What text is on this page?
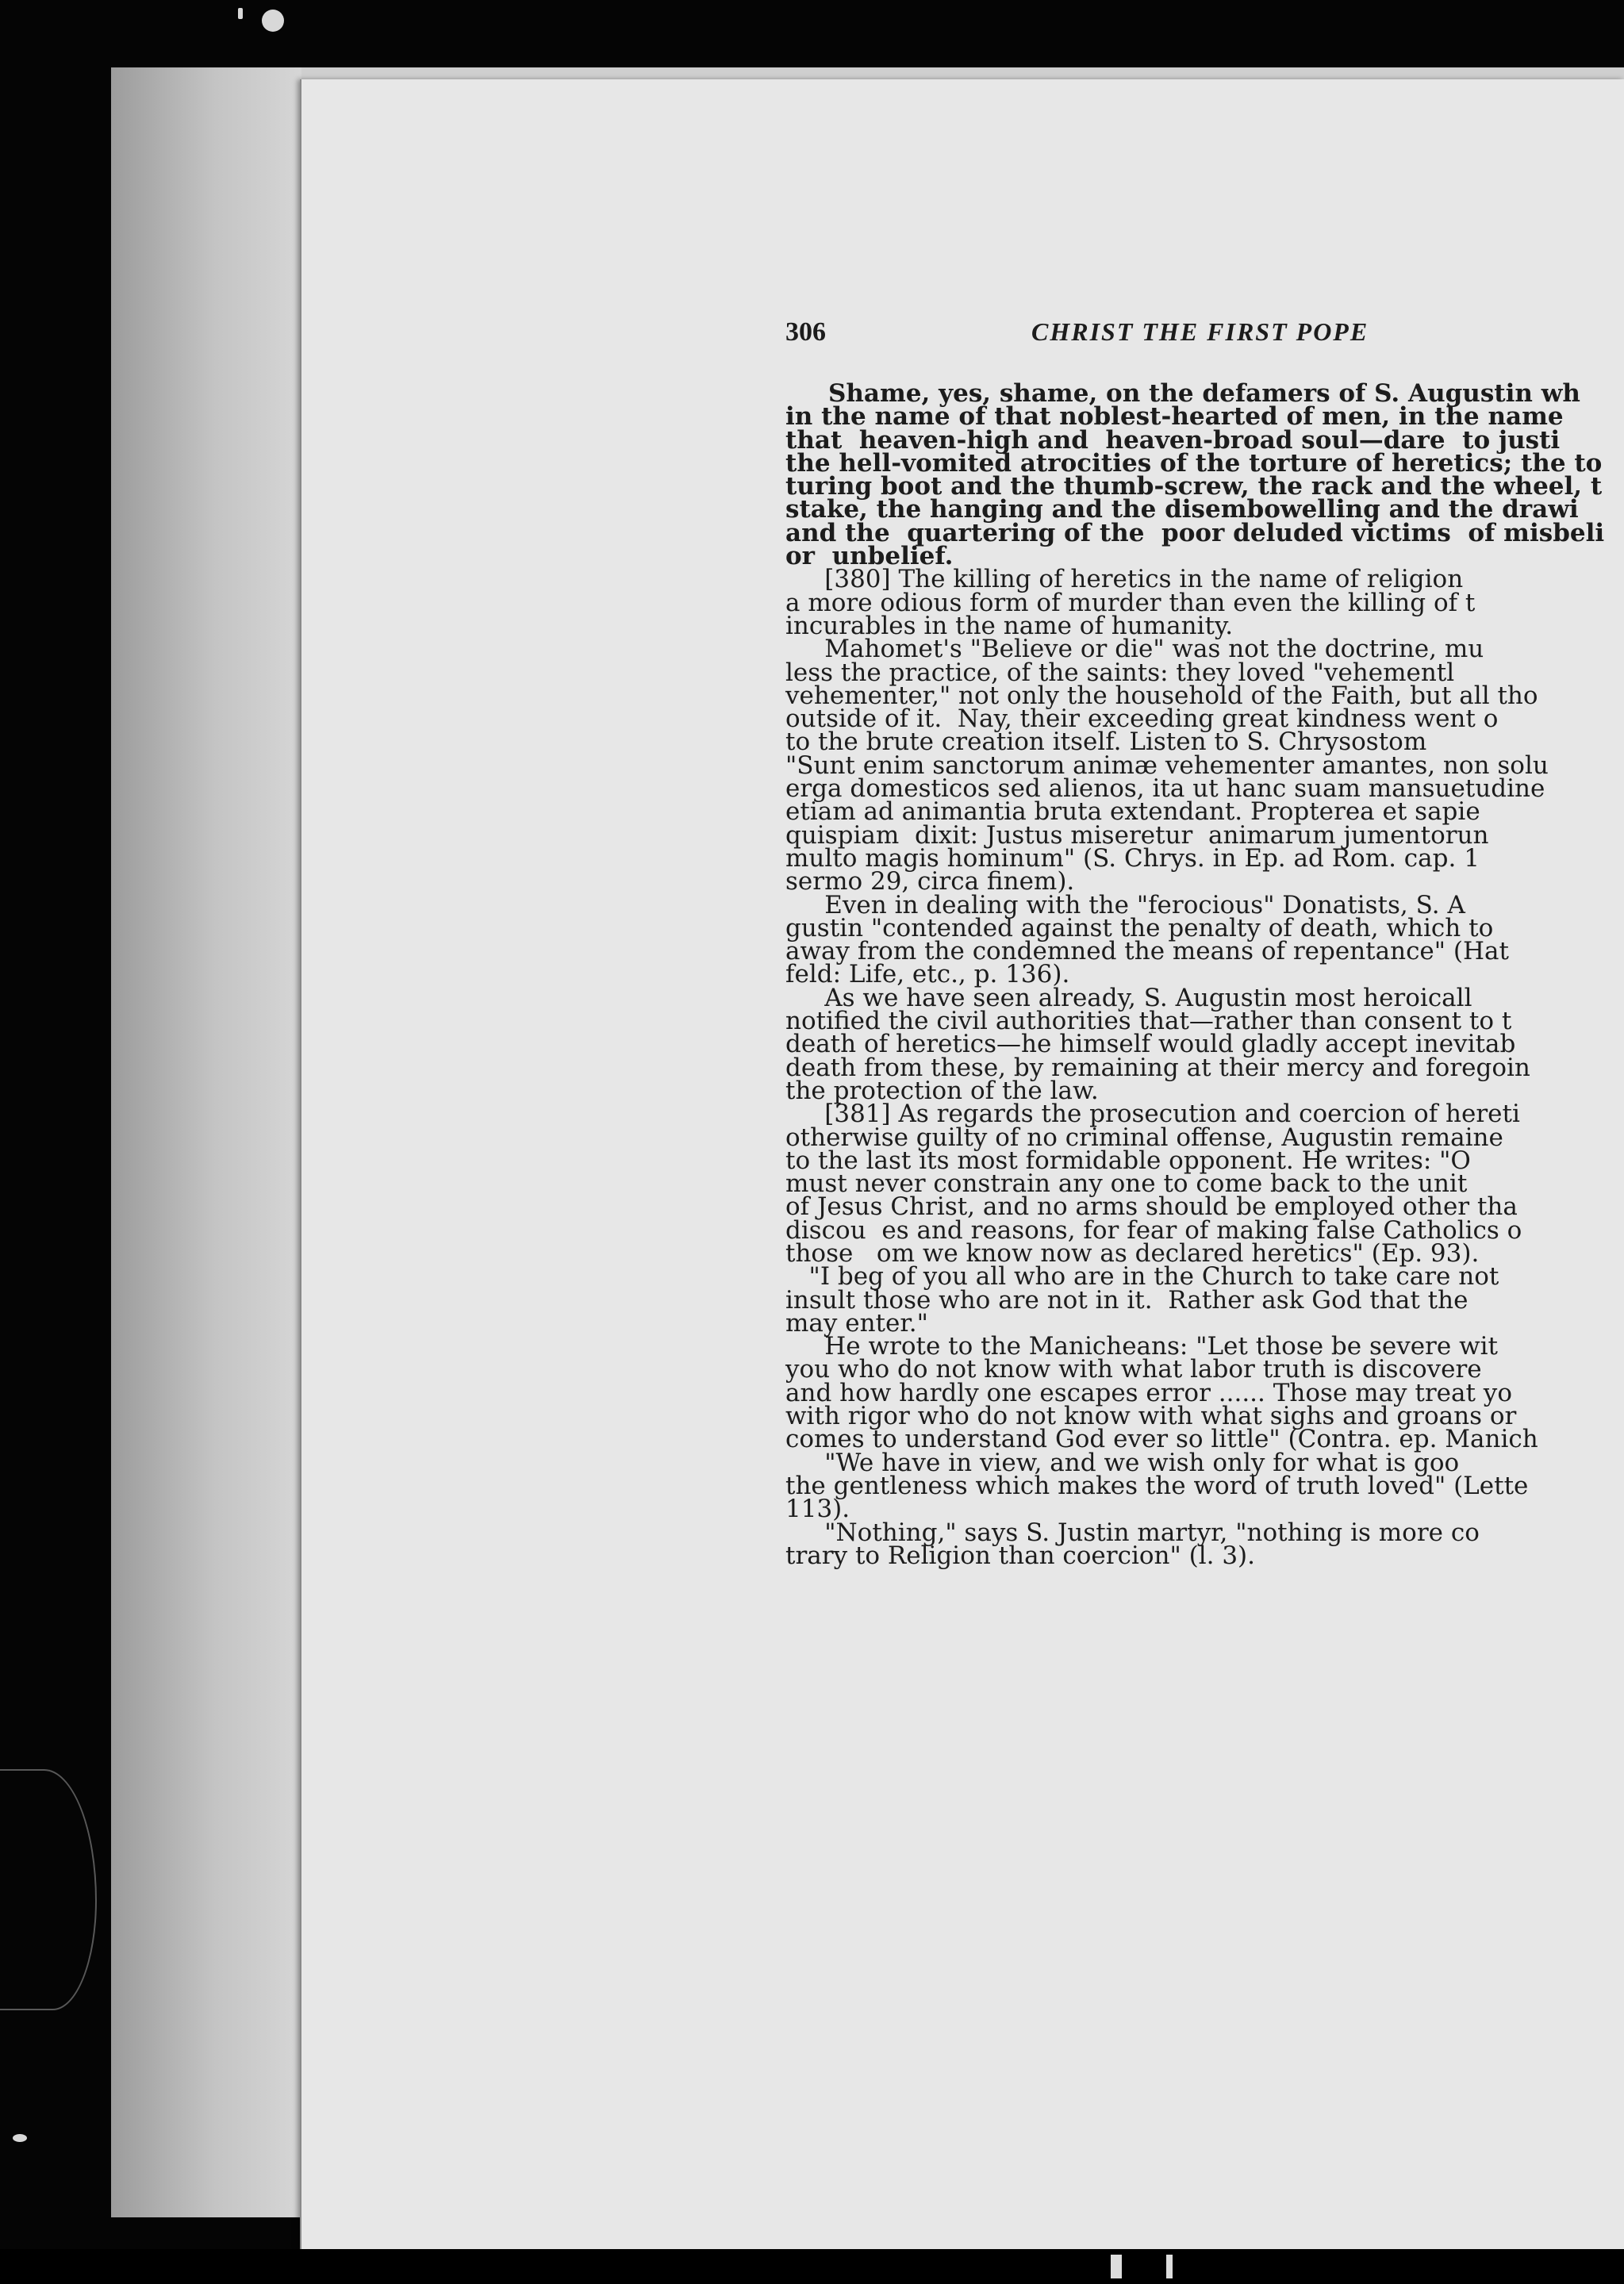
306	CHRIST THE FIRST POPE

Shame, yes, shame, on the defamers of S. Augustin wh
in the name of that noblest-hearted of men, in the name
that  heaven-high and  heaven-broad soul—dare  to justi
the hell-vomited atrocities of the torture of heretics; the to
turing boot and the thumb-screw, the rack and the wheel, t
stake, the hanging and the disembowelling and the drawi
and the  quartering of the  poor deluded victims  of misbeli
or  unbelief.

[380] The killing of heretics in the name of religion
a more odious form of murder than even the killing of t
incurables in the name of humanity.

Mahomet's "Believe or die" was not the doctrine, mu
less the practice, of the saints: they loved "vehementl
vehementer," not only the household of the Faith, but all tho
outside of it.  Nay, their exceeding great kindness went o
to the brute creation itself. Listen to S. Chrysostom
"Sunt enim sanctorum animæ vehementer amantes, non solu
erga domesticos sed alienos, ita ut hanc suam mansuetudine
etiam ad animantia bruta extendant. Propterea et sapie
quispiam  dixit: Justus miseretur  animarum jumentorun
multo magis hominum" (S. Chrys. in Ep. ad Rom. cap. 1
sermo 29, circa finem).

Even in dealing with the "ferocious" Donatists, S. A
gustin "contended against the penalty of death, which to
away from the condemned the means of repentance" (Hat
feld: Life, etc., p. 136).

As we have seen already, S. Augustin most heroicall
notified the civil authorities that—rather than consent to t
death of heretics—he himself would gladly accept inevitab
death from these, by remaining at their mercy and foregoin
the protection of the law.

[381] As regards the prosecution and coercion of hereti
otherwise guilty of no criminal offense, Augustin remaine
to the last its most formidable opponent. He writes: "O
must never constrain any one to come back to the unit
of Jesus Christ, and no arms should be employed other tha
discou  es and reasons, for fear of making false Catholics o
those   om we know now as declared heretics" (Ep. 93).

"I beg of you all who are in the Church to take care not
insult those who are not in it.  Rather ask God that the
may enter."

He wrote to the Manicheans: "Let those be severe wit
you who do not know with what labor truth is discovere
and how hardly one escapes error ...... Those may treat yo
with rigor who do not know with what sighs and groans or
comes to understand God ever so little" (Contra. ep. Manich

"We have in view, and we wish only for what is goo
the gentleness which makes the word of truth loved" (Lette
113).

"Nothing," says S. Justin martyr, "nothing is more co
trary to Religion than coercion" (l. 3).
